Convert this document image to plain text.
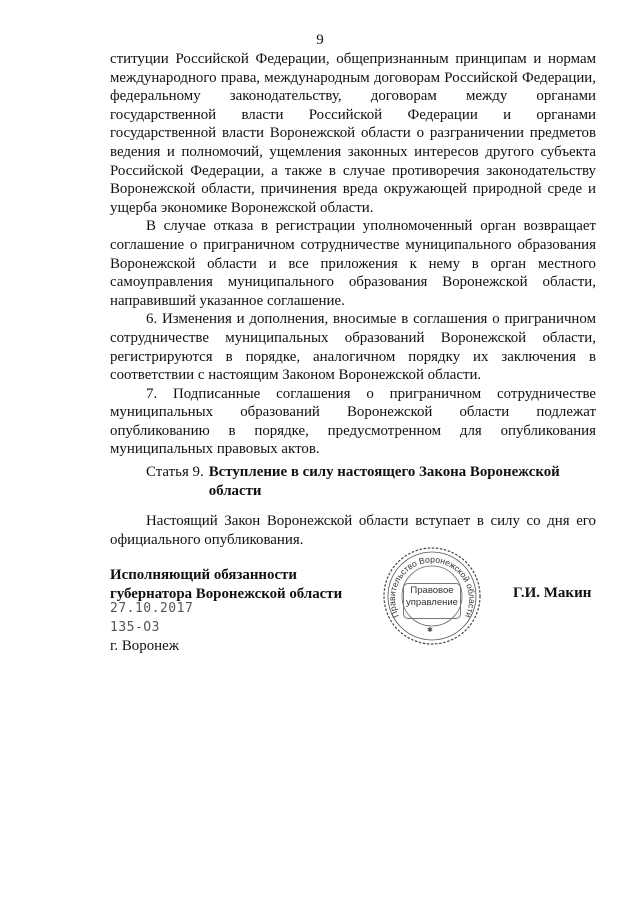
9

ституции Российской Федерации, общепризнанным принципам и нормам международного права, международным договорам Российской Федерации, федеральному законодательству, договорам между органами государственной власти Российской Федерации и органами государственной власти Воронежской области о разграничении предметов ведения и полномочий, ущемления законных интересов другого субъекта Российской Федерации, а также в случае противоречия законодательству Воронежской области, причинения вреда окружающей природной среде и ущерба экономике Воронежской области.

В случае отказа в регистрации уполномоченный орган возвращает соглашение о приграничном сотрудничестве муниципального образования Воронежской области и все приложения к нему в орган местного самоуправления муниципального образования Воронежской области, направивший указанное соглашение.

6. Изменения и дополнения, вносимые в соглашения о приграничном сотрудничестве муниципальных образований Воронежской области, регистрируются в порядке, аналогичном порядку их заключения в соответствии с настоящим Законом Воронежской области.

7. Подписанные соглашения о приграничном сотрудничестве муниципальных образований Воронежской области подлежат опубликованию в порядке, предусмотренном для опубликования муниципальных правовых актов.

Статья 9. Вступление в силу настоящего Закона Воронежской области

Настоящий Закон Воронежской области вступает в силу со дня его официального опубликования.

Исполняющий обязанности
губернатора Воронежской области
27.10.2017
135-ОЗ
г. Воронеж
Правительство Воронежской области
Правовое
управление
✱
Г.И. Макин
